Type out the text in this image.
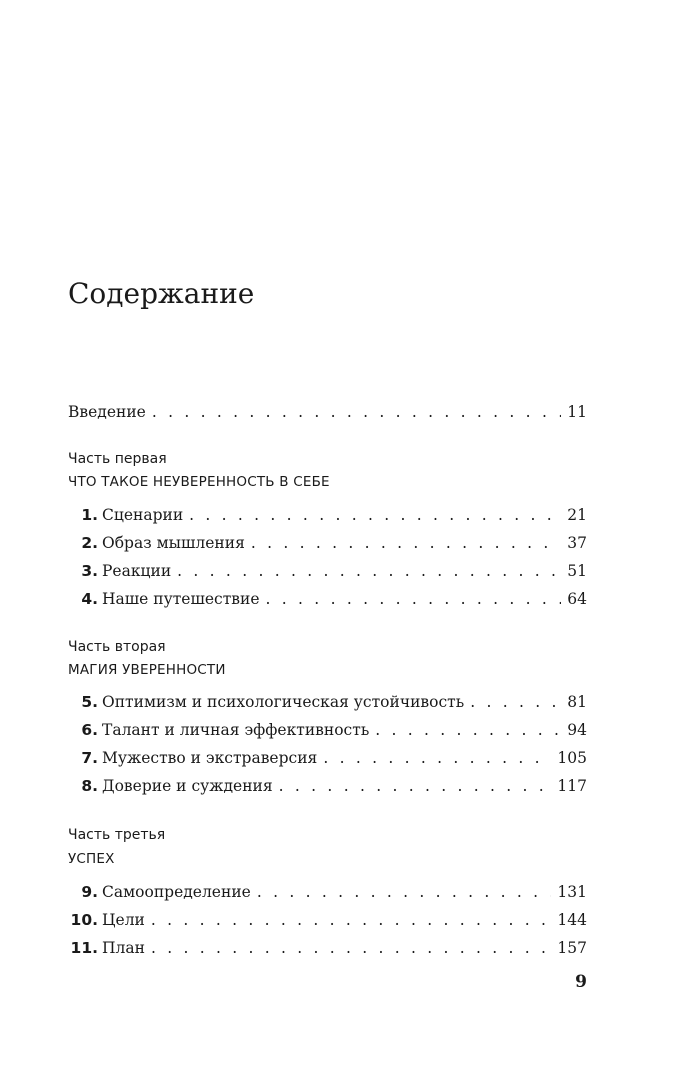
Содержание
Введение . . .	11
Часть первая
ЧТО ТАКОЕ НЕУВЕРЕННОСТЬ В СЕБЕ
1. Сценарии . . .	21
2. Образ мышления . . .	37
3. Реакции . . .	51
4. Наше путешествие . . .	64
Часть вторая
МАГИЯ УВЕРЕННОСТИ
5. Оптимизм и психологическая устойчивость . . .	81
6. Талант и личная эффективность . . .	94
7. Мужество и экстраверсия . . .	105
8. Доверие и суждения . . .	117
Часть третья
УСПЕХ
9. Самоопределение . . .	131
10. Цели . . .	144
11. План . . .	157
9
